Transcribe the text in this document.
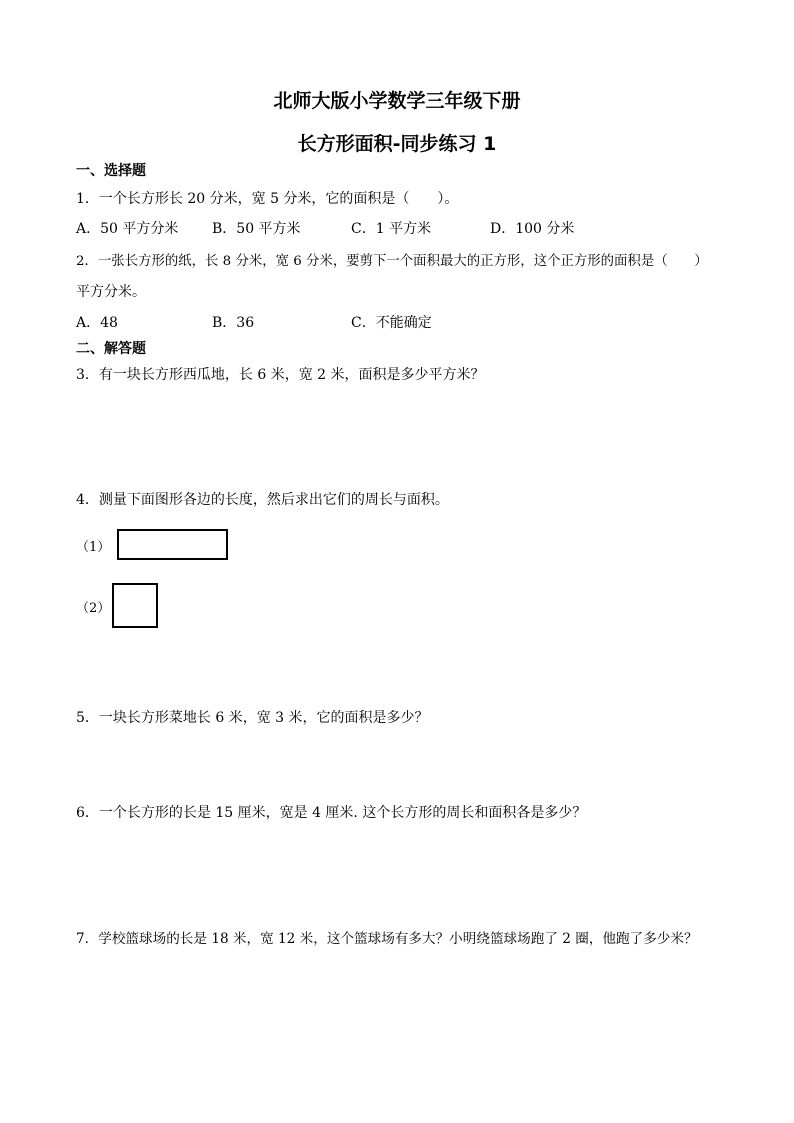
北师大版小学数学三年级下册
长方形面积-同步练习 1
一、选择题
1．一个长方形长 20 分米，宽 5 分米，它的面积是（　　）。
A．50 平方分米 B．50 平方米	C．1 平方米	D．100 分米
2．一张长方形的纸，长 8 分米，宽 6 分米，要剪下一个面积最大的正方形，这个正方形的面积是（　　）
平方分米。
A．48	B．36	C．不能确定
二、解答题
3．有一块长方形西瓜地，长 6 米，宽 2 米，面积是多少平方米？
4．测量下面图形各边的长度，然后求出它们的周长与面积。
（1）
（2）
5．一块长方形菜地长 6 米，宽 3 米，它的面积是多少？
6．一个长方形的长是 15 厘米，宽是 4 厘米. 这个长方形的周长和面积各是多少？
7．学校篮球场的长是 18 米，宽 12 米，这个篮球场有多大？小明绕篮球场跑了 2 圈，他跑了多少米？
